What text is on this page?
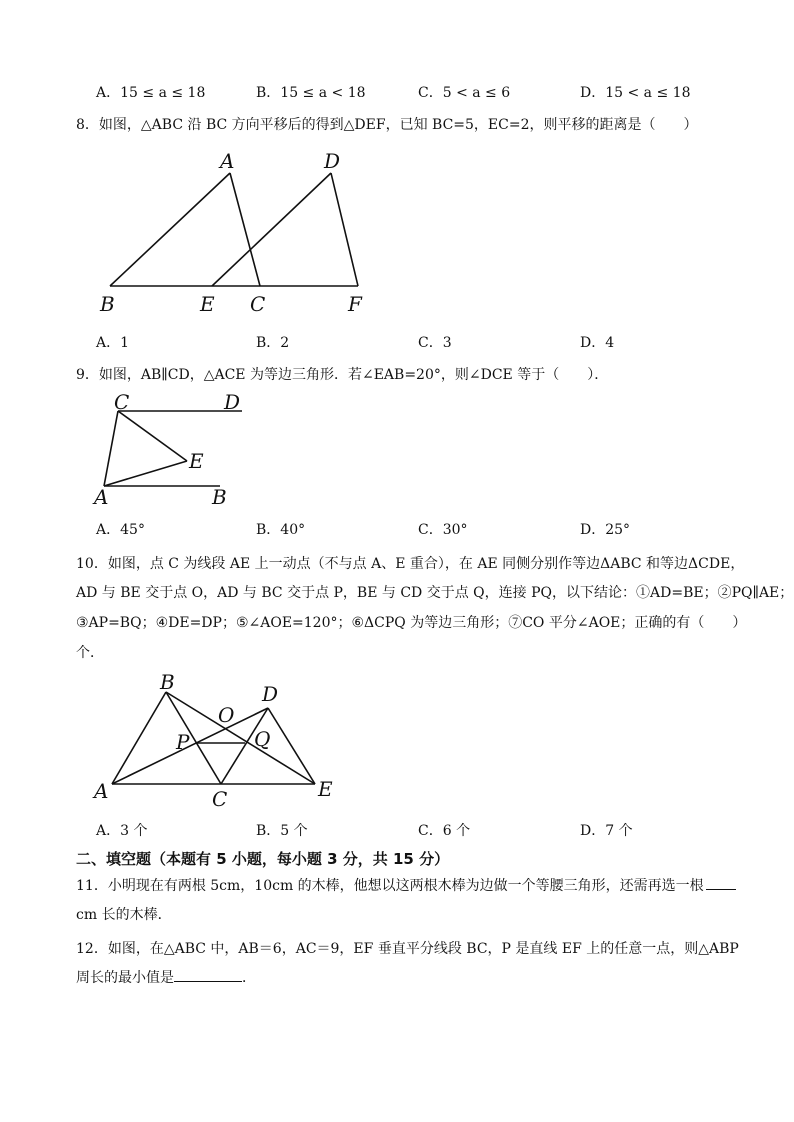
A．15 ≤ a ≤ 18	B．15 ≤ a < 18	C．5 < a ≤ 6	D．15 < a ≤ 18
8．如图，△ABC 沿 BC 方向平移后的得到△DEF，已知 BC=5，EC=2，则平移的距离是（　　）
A	D
B	E C	F
A．1	B．2	C．3	D．4
9．如图，AB∥CD，△ACE 为等边三角形．若∠EAB=20°，则∠DCE 等于（　　）．
C	D
E
A	B
A．45°	B．40°	C．30°	D．25°
10．如图，点 C 为线段 AE 上一动点（不与点 A、E 重合），在 AE 同侧分别作等边ΔABC 和等边ΔCDE，
AD 与 BE 交于点 O，AD 与 BC 交于点 P，BE 与 CD 交于点 Q，连接 PQ，以下结论：①AD=BE；②PQ∥AE；
③AP=BQ；④DE=DP；⑤∠AOE=120°；⑥ΔCPQ 为等边三角形；⑦CO 平分∠AOE；正确的有（　　）
个．
B	D
O
P	Q
A	C	E
A．3 个	B．5 个	C．6 个	D．7 个
二、填空题（本题有 5 小题，每小题 3 分，共 15 分）
11．小明现在有两根 5cm，10cm 的木棒，他想以这两根木棒为边做一个等腰三角形，还需再选一根
cm 长的木棒．
12．如图，在△ABC 中，AB＝6，AC＝9，EF 垂直平分线段 BC，P 是直线 EF 上的任意一点，则△ABP
周长的最小值是	．
